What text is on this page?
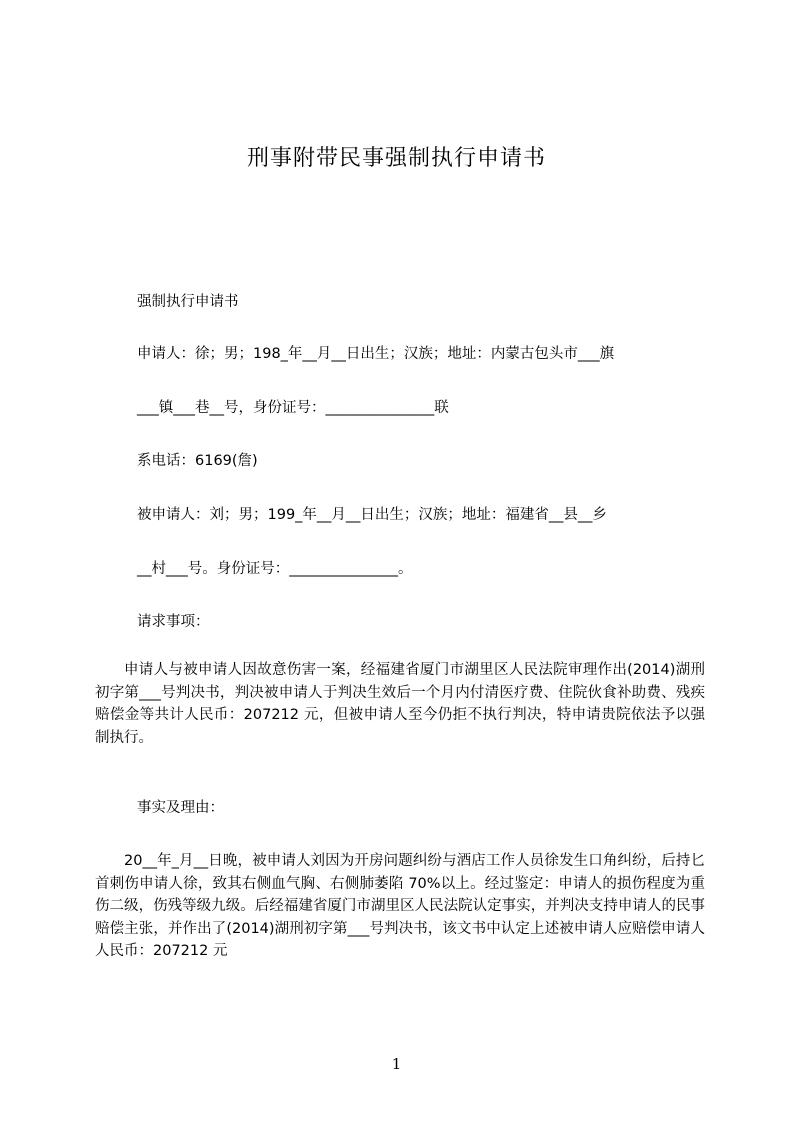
刑事附带民事强制执行申请书

强制执行申请书

申请人：徐；男；198_年__月__日出生；汉族；地址：内蒙古包头市___旗

___镇___巷__号，身份证号：_______________联

系电话：6169(詹)

被申请人：刘；男；199_年__月__日出生；汉族；地址：福建省__县__乡

__村___号。身份证号：_______________。

请求事项：

申请人与被申请人因故意伤害一案，经福建省厦门市湖里区人民法院审理作出(2014)湖刑初字第___号判决书，判决被申请人于判决生效后一个月内付清医疗费、住院伙食补助费、残疾赔偿金等共计人民币：207212 元，但被申请人至今仍拒不执行判决，特申请贵院依法予以强制执行。

事实及理由：

20__年_月__日晚，被申请人刘因为开房问题纠纷与酒店工作人员徐发生口角纠纷，后持匕首刺伤申请人徐，致其右侧血气胸、右侧肺萎陷 70%以上。经过鉴定：申请人的损伤程度为重伤二级，伤残等级九级。后经福建省厦门市湖里区人民法院认定事实，并判决支持申请人的民事赔偿主张，并作出了(2014)湖刑初字第___号判决书，该文书中认定上述被申请人应赔偿申请人人民币：207212 元

1
